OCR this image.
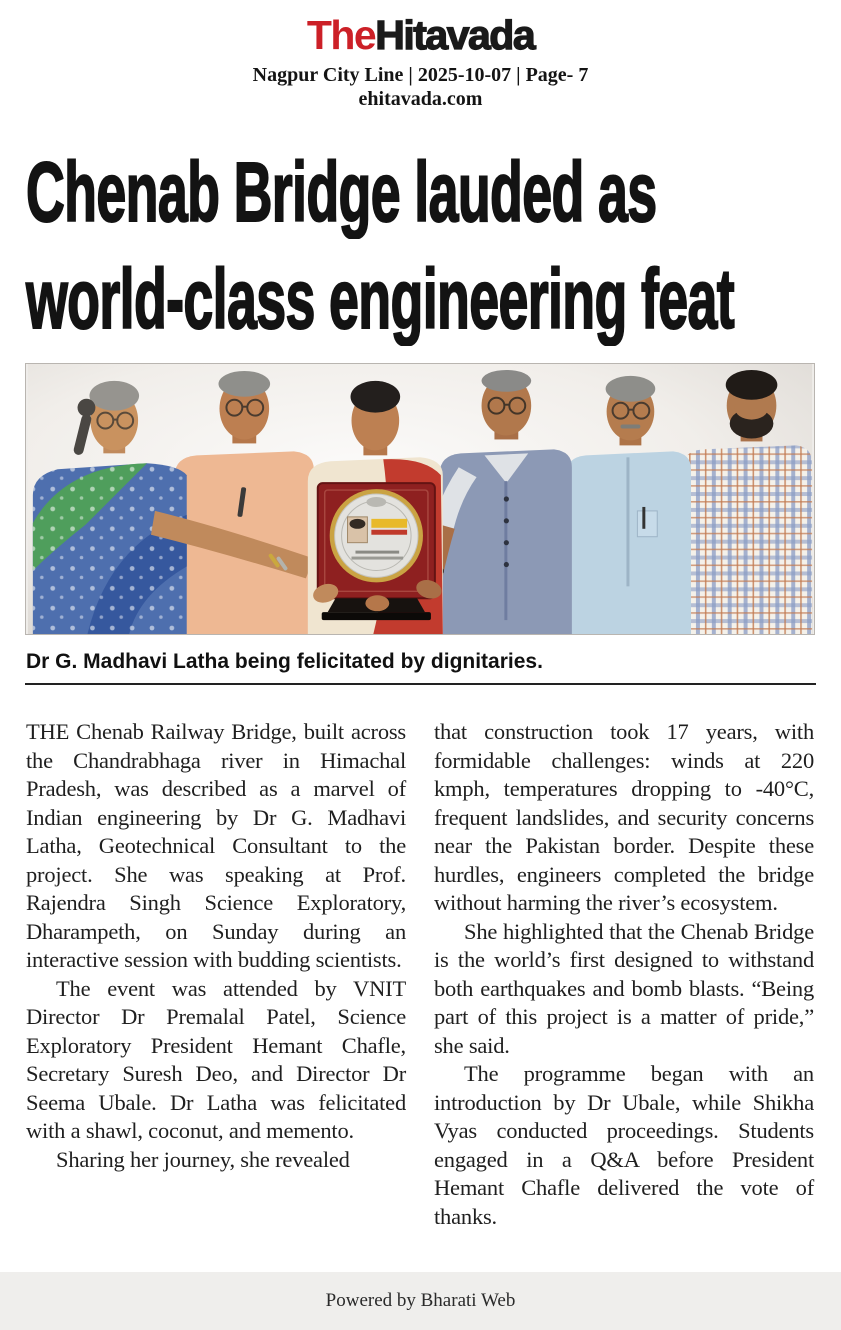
TheHitavada
Nagpur City Line | 2025-10-07 | Page- 7
ehitavada.com
Chenab Bridge lauded as
world-class engineering feat
Dr G. Madhavi Latha being felicitated by dignitaries.

THE Chenab Railway Bridge, built across the Chandrabhaga river in Himachal Pradesh, was described as a marvel of Indian engineering by Dr G. Madhavi Latha, Geotechnical Consultant to the project. She was speaking at Prof. Rajendra Singh Science Exploratory, Dharampeth, on Sunday during an interactive session with budding scientists.

The event was attended by VNIT Director Dr Premalal Patel, Science Exploratory President Hemant Chafle, Secretary Suresh Deo, and Director Dr Seema Ubale. Dr Latha was felicitated with a shawl, coconut, and memento.

Sharing her journey, she revealed

that construction took 17 years, with formidable challenges: winds at 220 kmph, temperatures dropping to -40°C, frequent landslides, and security concerns near the Pakistan border. Despite these hurdles, engineers completed the bridge without harming the river’s ecosystem.

She highlighted that the Chenab Bridge is the world’s first designed to withstand both earthquakes and bomb blasts. “Being part of this project is a matter of pride,” she said.

The programme began with an introduction by Dr Ubale, while Shikha Vyas conducted proceedings. Students engaged in a Q&A before President Hemant Chafle delivered the vote of thanks.

Powered by Bharati Web
